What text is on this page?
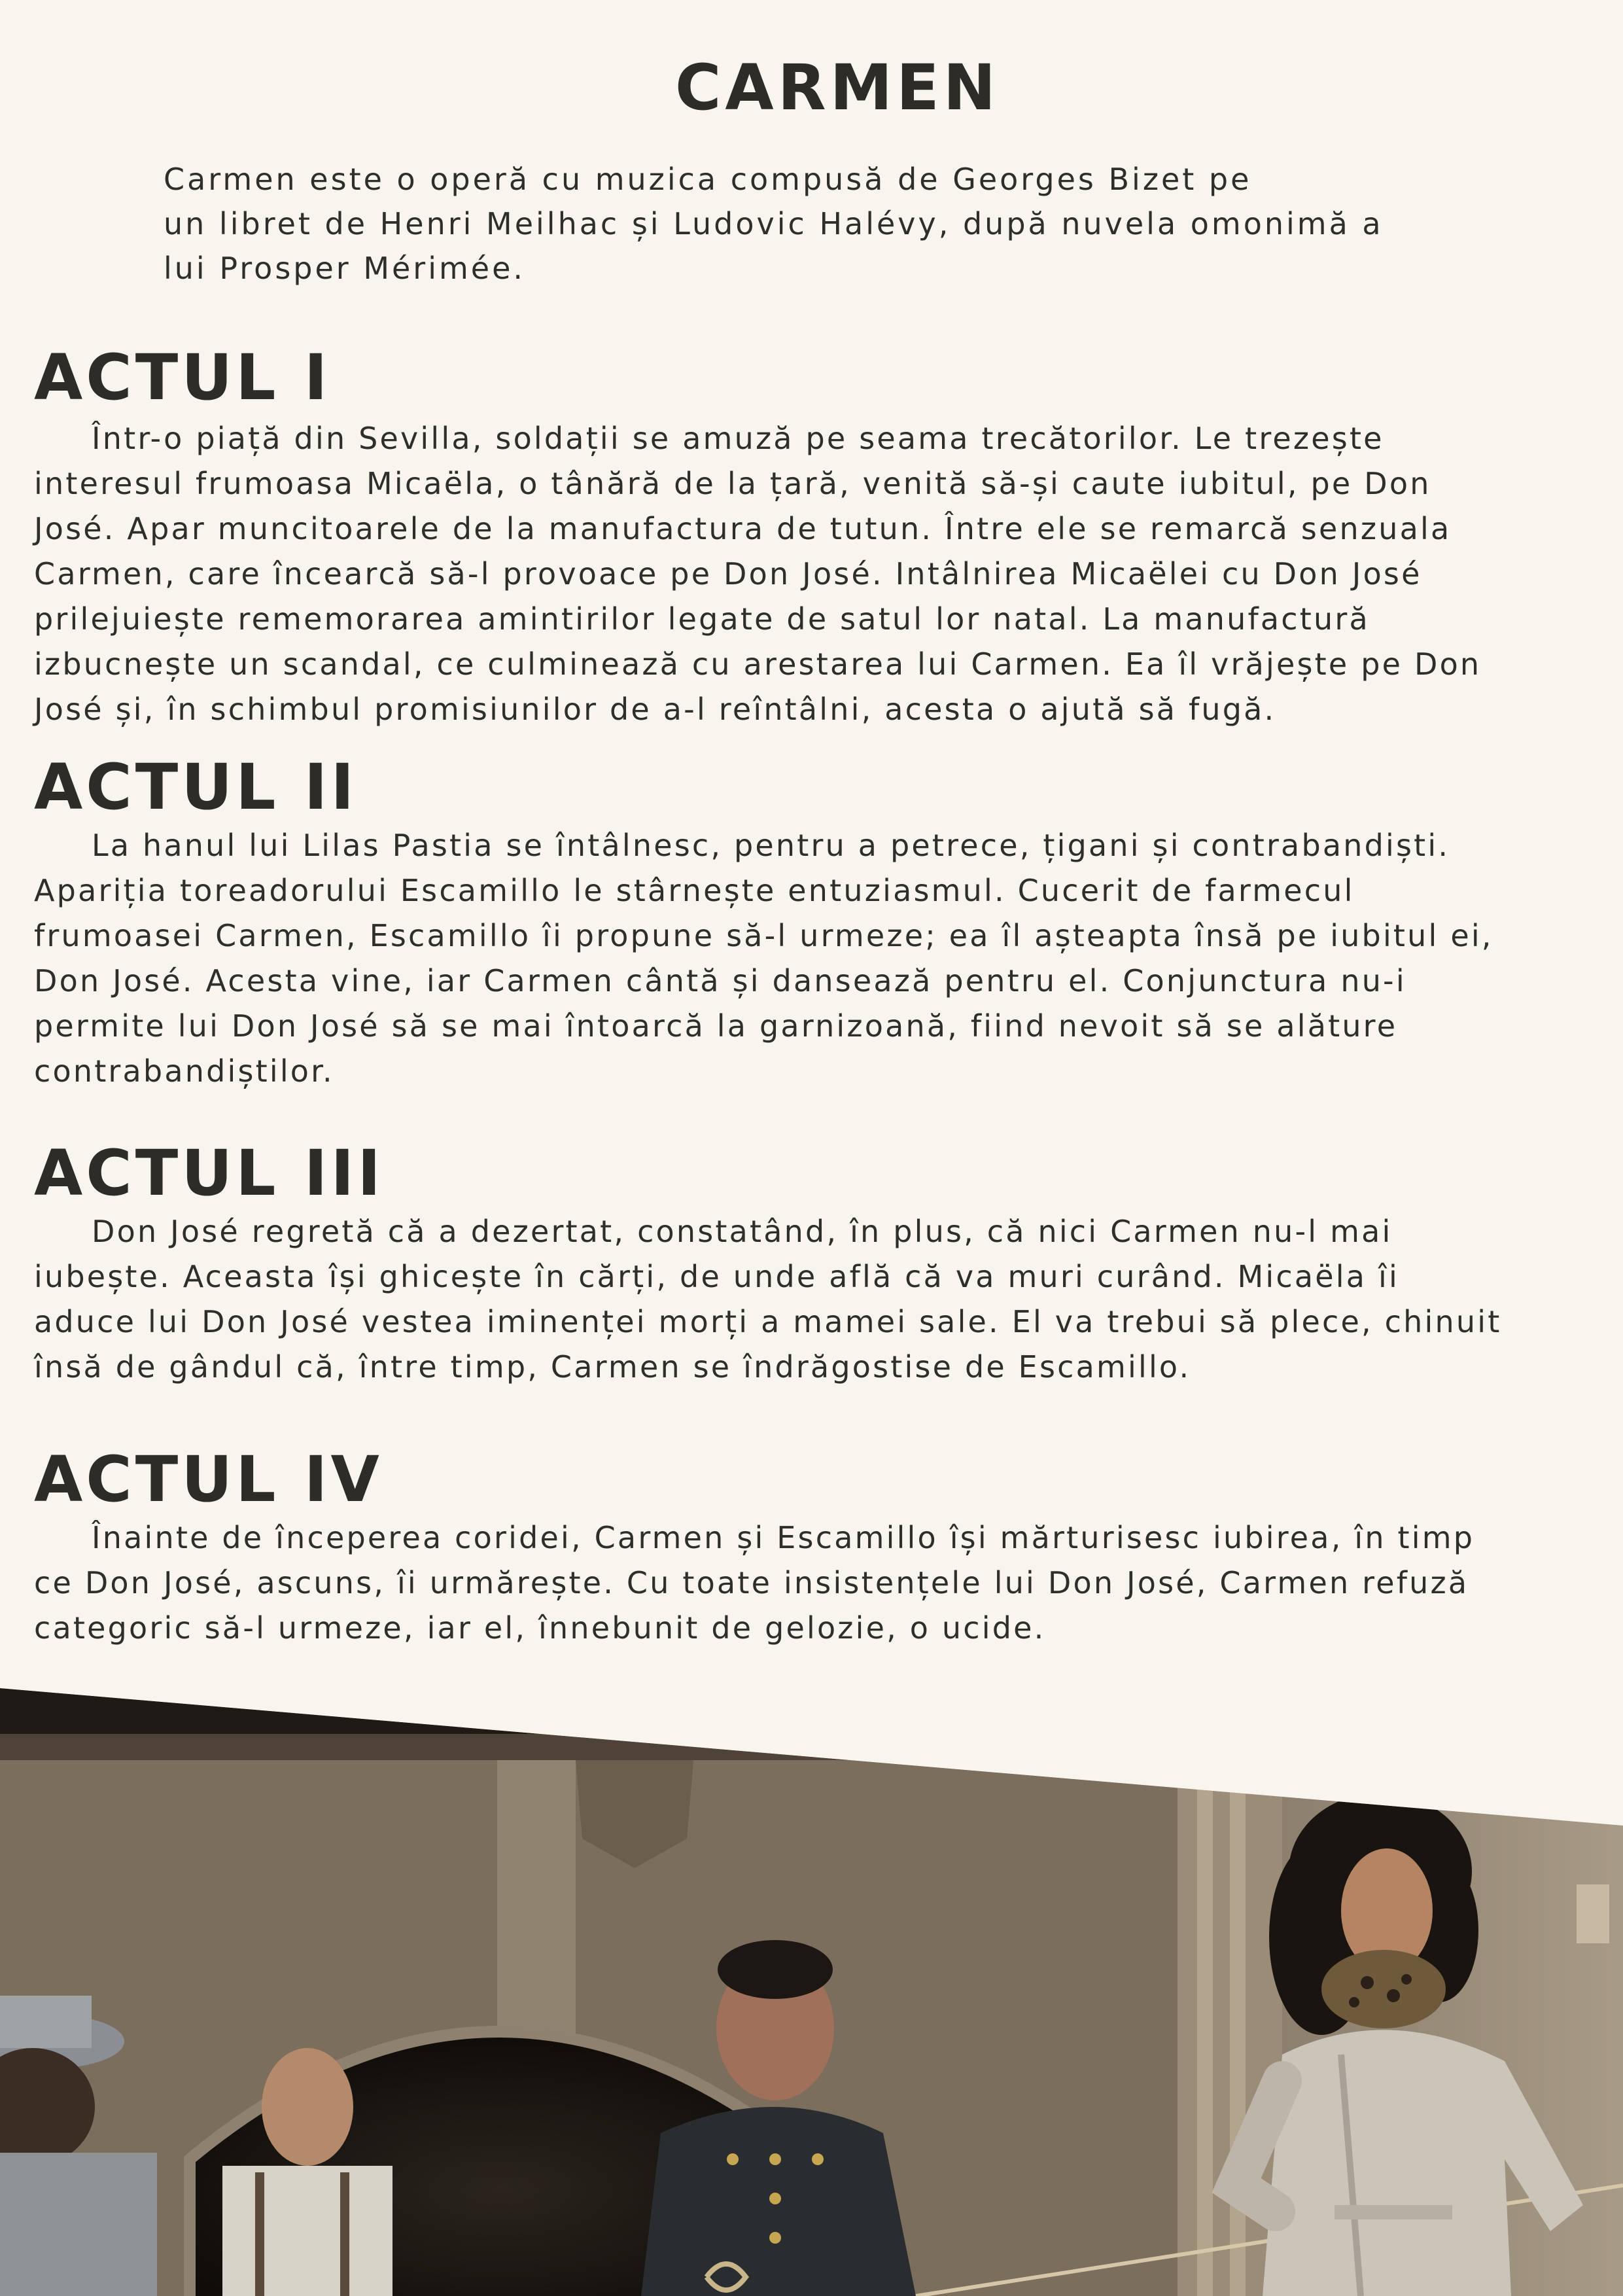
CARMEN
Carmen este o operă cu muzica compusă de Georges Bizet pe
un libret de Henri Meilhac și Ludovic Halévy, după nuvela omonimă a
lui Prosper Mérimée.
ACTUL I
Într-o piață din Sevilla, soldații se amuză pe seama trecătorilor. Le trezește
interesul frumoasa Micaëla, o tânără de la țară, venită să-și caute iubitul, pe Don
José. Apar muncitoarele de la manufactura de tutun. Între ele se remarcă senzuala
Carmen, care încearcă să-l provoace pe Don José. Intâlnirea Micaëlei cu Don José
prilejuiește rememorarea amintirilor legate de satul lor natal. La manufactură
izbucnește un scandal, ce culminează cu arestarea lui Carmen. Ea îl vrăjește pe Don
José și, în schimbul promisiunilor de a-l reîntâlni, acesta o ajută să fugă.
ACTUL II
La hanul lui Lilas Pastia se întâlnesc, pentru a petrece, țigani și contrabandiști.
Apariția toreadorului Escamillo le stârnește entuziasmul. Cucerit de farmecul
frumoasei Carmen, Escamillo îi propune să-l urmeze; ea îl așteapta însă pe iubitul ei,
Don José. Acesta vine, iar Carmen cântă și dansează pentru el. Conjunctura nu-i
permite lui Don José să se mai întoarcă la garnizoană, fiind nevoit să se alăture
contrabandiștilor.
ACTUL III
Don José regretă că a dezertat, constatând, în plus, că nici Carmen nu-l mai
iubește. Aceasta își ghicește în cărți, de unde află că va muri curând. Micaëla îi
aduce lui Don José vestea iminenței morți a mamei sale. El va trebui să plece, chinuit
însă de gândul că, între timp, Carmen se îndrăgostise de Escamillo.
ACTUL IV
Înainte de începerea coridei, Carmen și Escamillo își mărturisesc iubirea, în timp
ce Don José, ascuns, îi urmărește. Cu toate insistențele lui Don José, Carmen refuză
categoric să-l urmeze, iar el, înnebunit de gelozie, o ucide.
